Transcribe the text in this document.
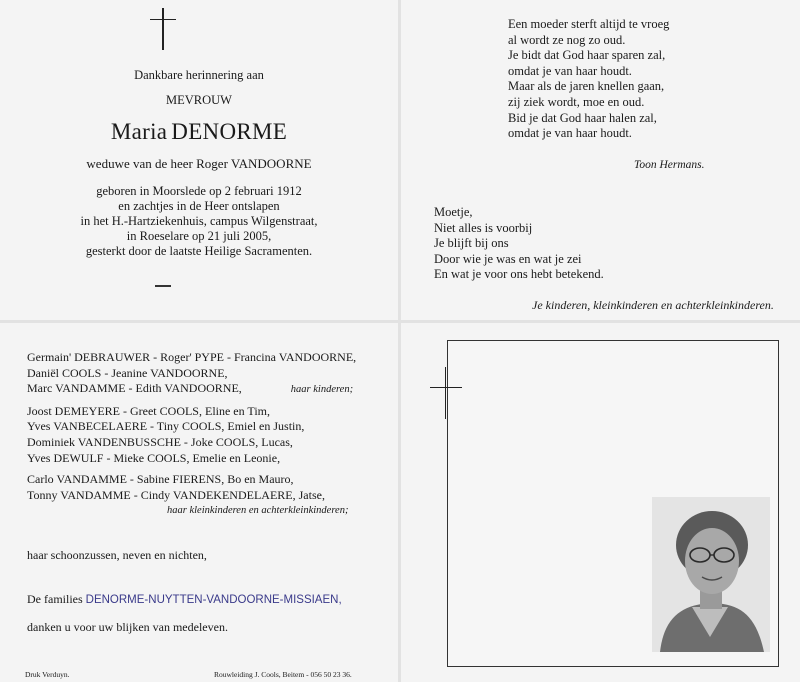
Dankbare herinnering aan
MEVROUW
Maria DENORME
weduwe van de heer Roger VANDOORNE
geboren in Moorslede op 2 februari 1912
en zachtjes in de Heer ontslapen
in het H.-Hartziekenhuis, campus Wilgenstraat,
in Roeselare op 21 juli 2005,
gesterkt door de laatste Heilige Sacramenten.
Een moeder sterft altijd te vroeg
al wordt ze nog zo oud.
Je bidt dat God haar sparen zal,
omdat je van haar houdt.
Maar als de jaren knellen gaan,
zij ziek wordt, moe en oud.
Bid je dat God haar halen zal,
omdat je van haar houdt.
Toon Hermans.
Moetje,
Niet alles is voorbij
Je blijft bij ons
Door wie je was en wat je zei
En wat je voor ons hebt betekend.
Je kinderen, kleinkinderen en achterkleinkinderen.
Germain' DEBRAUWER - Roger' PYPE - Francina VANDOORNE,
Daniël COOLS - Jeanine VANDOORNE,
Marc VANDAMME - Edith VANDOORNE,	haar kinderen;
Joost DEMEYERE - Greet COOLS, Eline en Tim,
Yves VANBECELAERE - Tiny COOLS, Emiel en Justin,
Dominiek VANDENBUSSCHE - Joke COOLS, Lucas,
Yves DEWULF - Mieke COOLS, Emelie en Leonie,
Carlo VANDAMME - Sabine FIERENS, Bo en Mauro,
Tonny VANDAMME - Cindy VANDEKENDELAERE, Jatse,
haar kleinkinderen en achterkleinkinderen;
haar schoonzussen, neven en nichten,
De families DENORME-NUYTTEN-VANDOORNE-MISSIAEN,
danken u voor uw blijken van medeleven.
Druk Verduyn.	Rouwleiding J. Cools, Beitem - 056 50 23 36.
